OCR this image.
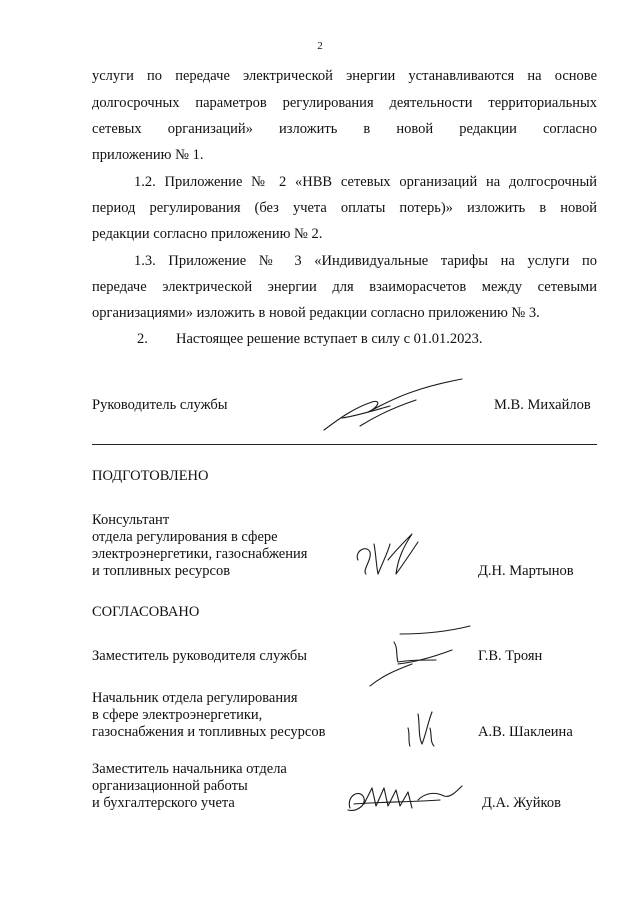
2
услуги по передаче электрической энергии устанавливаются на основе
долгосрочных параметров регулирования деятельности территориальных
сетевых организаций» изложить в новой редакции согласно
приложению № 1.
1.2. Приложение № 2 «НВВ сетевых организаций на долгосрочный
период регулирования (без учета оплаты потерь)» изложить в новой
редакции согласно приложению № 2.
1.3. Приложение № 3 «Индивидуальные тарифы на услуги по
передаче электрической энергии для взаиморасчетов между сетевыми
организациями» изложить в новой редакции согласно приложению № 3.
2. Настоящее решение вступает в силу с 01.01.2023.
Руководитель службы	М.В. Михайлов
ПОДГОТОВЛЕНО
Консультант
отдела регулирования в сфере
электроэнергетики, газоснабжения
и топливных ресурсов	Д.Н. Мартынов
СОГЛАСОВАНО
Заместитель руководителя службы	Г.В. Троян
Начальник отдела регулирования
в сфере электроэнергетики,
газоснабжения и топливных ресурсов	А.В. Шаклеина
Заместитель начальника отдела
организационной работы
и бухгалтерского учета	Д.А. Жуйков
